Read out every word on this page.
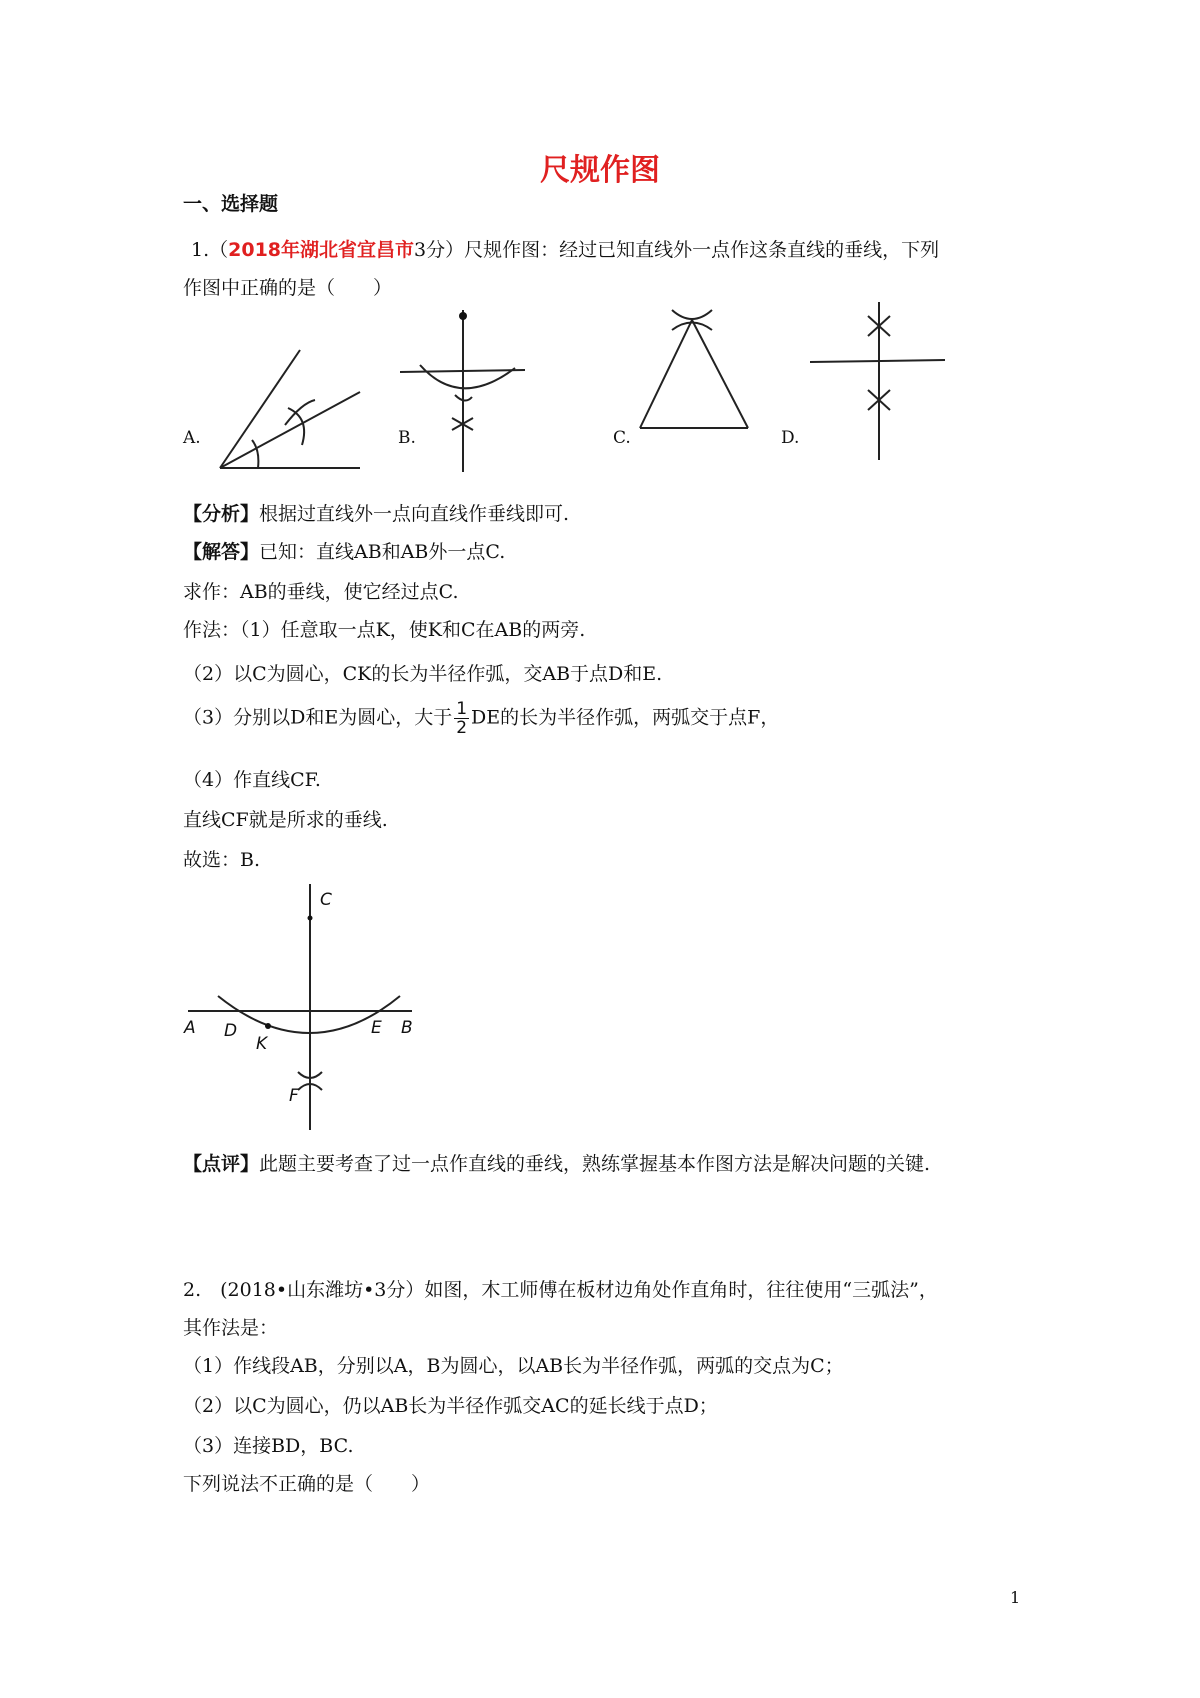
尺规作图
一、选择题
1.（2018年湖北省宜昌市3分）尺规作图：经过已知直线外一点作这条直线的垂线，下列
作图中正确的是（　　）
A.	B.	C.	D.
【分析】根据过直线外一点向直线作垂线即可.
【解答】已知：直线AB和AB外一点C.
求作：AB的垂线，使它经过点C.
作法：（1）任意取一点K，使K和C在AB的两旁.
（2）以C为圆心，CK的长为半径作弧，交AB于点D和E.
（3）分别以D和E为圆心，大于 $\frac{1}{2}$ DE的长为半径作弧，两弧交于点F，
（4）作直线CF.
直线CF就是所求的垂线.
故选：B.
C
A D
K
E B
F
【点评】此题主要考查了过一点作直线的垂线，熟练掌握基本作图方法是解决问题的关键.
2.　(2018•山东潍坊•3分）如图，木工师傅在板材边角处作直角时，往往使用“三弧法”，
其作法是：
（1）作线段AB，分别以A，B为圆心，以AB长为半径作弧，两弧的交点为C；
（2）以C为圆心，仍以AB长为半径作弧交AC的延长线于点D；
（3）连接BD，BC.
下列说法不正确的是（　　）
1
